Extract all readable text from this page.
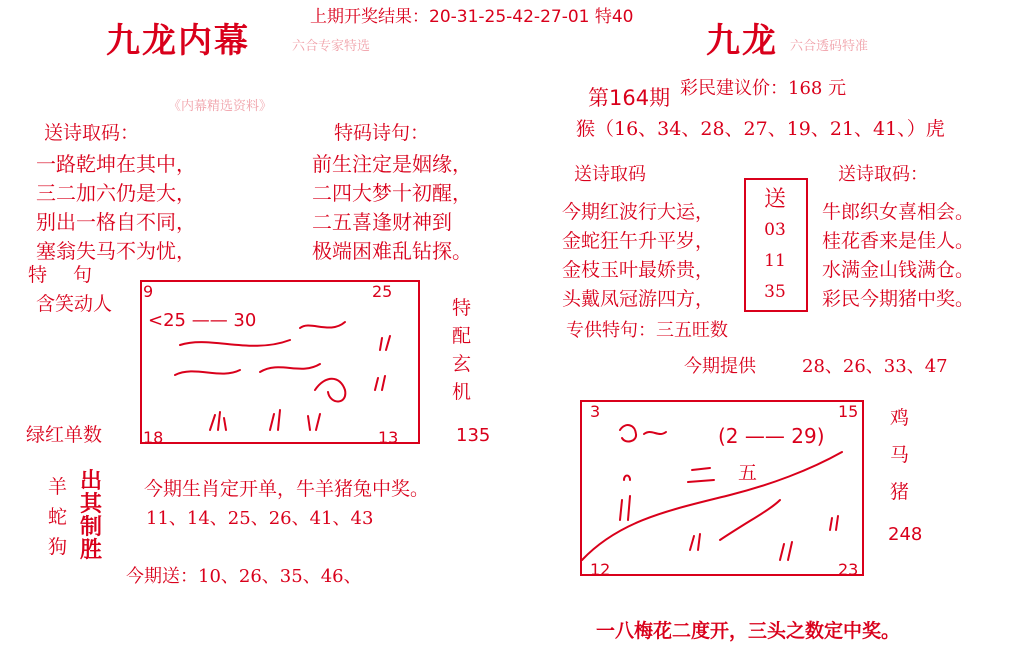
上期开奖结果：20-31-25-42-27-01 特40
九龙内幕	六合专家特选
《内幕精选资料》
送诗取码：	特码诗句：
一路乾坤在其中，
三二加六仍是大，
别出一格自不同，
塞翁失马不为忧，
前生注定是姻缘，
二四大梦十初醒，
二五喜逢财神到
极端困难乱钻探。
特 句
含笑动人
9	25
18	13
<25 —— 30
特
配
玄
机
绿红单数	135
羊
蛇
狗
出
其
制
胜
今期生肖定开单，牛羊猪兔中奖。
11、14、25、26、41、43
今期送：10、26、35、46、
九龙 六合透码特准
第164期 彩民建议价：168 元
猴（16、34、28、27、19、21、41、）虎
送诗取码	送诗取码：
今期红波行大运，
金蛇狂午升平岁，
金枝玉叶最娇贵，
头戴凤冠游四方，
送
03
11
35
牛郎织女喜相会。
桂花香来是佳人。
水满金山钱满仓。
彩民今期猪中奖。
专供特句：三五旺数
今期提供	28、26、33、47
3	15
12	23
(2 —— 29)
五
鸡
马
猪
248
一八梅花二度开，三头之数定中奖。
